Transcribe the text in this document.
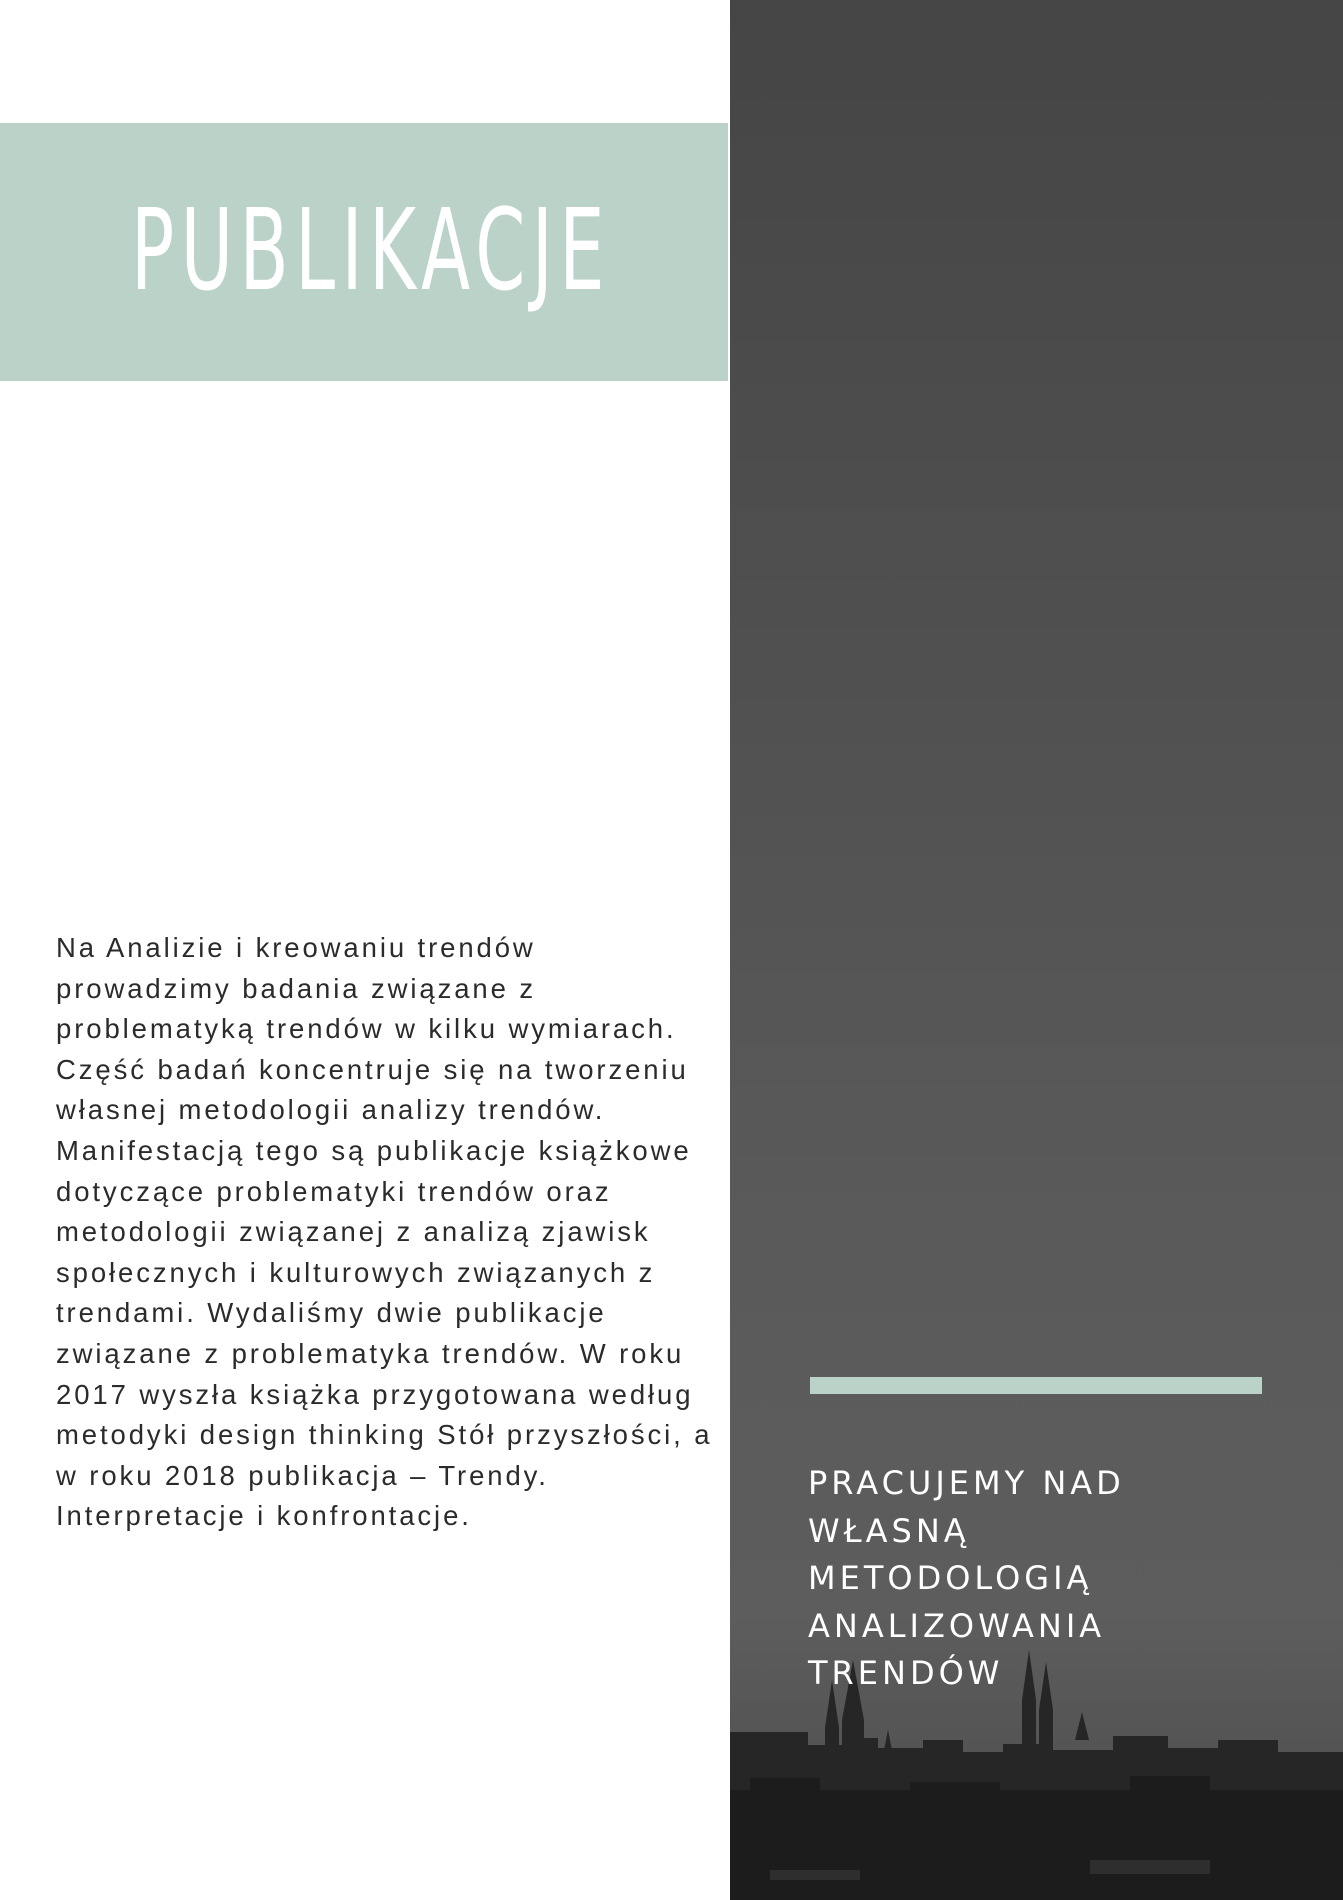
PUBLIKACJE

Na Analizie i kreowaniu trendów prowadzimy badania związane z problematyką trendów w kilku wymiarach. Część badań koncentruje się na tworzeniu własnej metodologii analizy trendów. Manifestacją tego są publikacje książkowe dotyczące problematyki trendów oraz metodologii związanej z analizą zjawisk społecznych i kulturowych związanych z trendami. Wydaliśmy dwie publikacje związane z problematyka trendów. W roku 2017 wyszła książka przygotowana według metodyki design thinking Stół przyszłości, a w roku 2018 publikacja – Trendy. Interpretacje i konfrontacje.

PRACUJEMY NAD
WŁASNĄ
METODOLOGIĄ
ANALIZOWANIA
TRENDÓW
